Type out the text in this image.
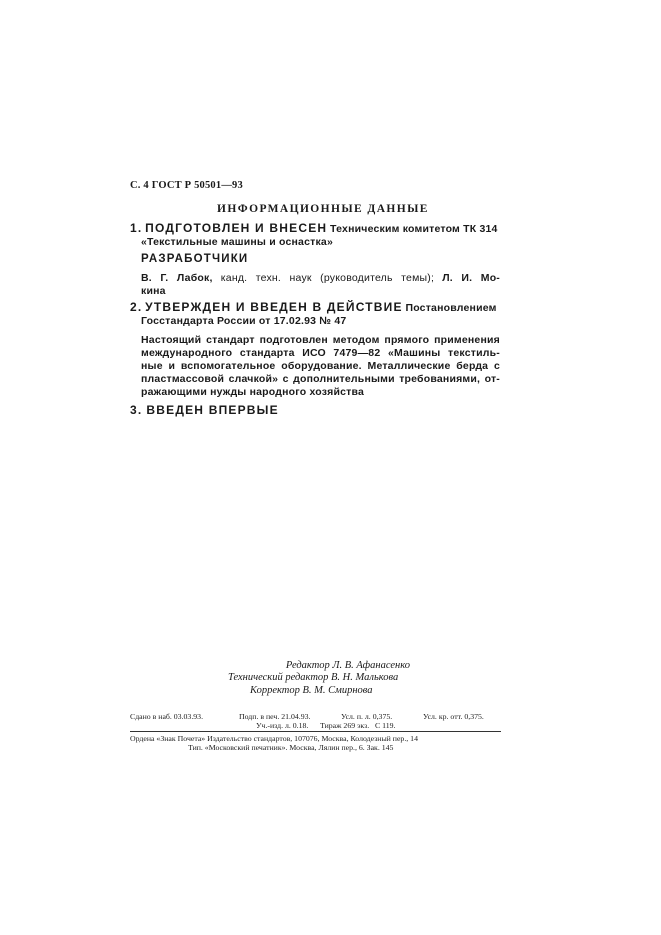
С. 4 ГОСТ Р 50501—93
ИНФОРМАЦИОННЫЕ ДАННЫЕ
1. ПОДГОТОВЛЕН И ВНЕСЕН Техническим комитетом ТК 314
«Текстильные машины и оснастка»
РАЗРАБОТЧИКИ
В. Г. Лабок, канд. техн. наук (руководитель темы); Л. И. Мо-
кина
2. УТВЕРЖДЕН И ВВЕДЕН В ДЕЙСТВИЕ Постановлением
Госстандарта России от 17.02.93 № 47
Настоящий стандарт подготовлен методом прямого применения
международного стандарта ИСО 7479—82 «Машины текстиль-
ные и вспомогательное оборудование. Металлические берда с
пластмассовой слачкой» с дополнительными требованиями, от-
ражающими нужды народного хозяйства
3. ВВЕДЕН ВПЕРВЫЕ
Редактор Л. В. Афанасенко
Технический редактор В. Н. Малькова
Корректор В. М. Смирнова
Сдано в наб. 03.03.93.	Подп. в печ. 21.04.93.
Уч.-изд. л. 0.18.
Усл. п. л. 0,375.
Тираж 269 экз.
Усл. кр. отт. 0,375.
С 119.
Ордена «Знак Почета» Издательство стандартов, 107076, Москва, Колодезный пер., 14
Тип. «Московский печатник». Москва, Лялин пер., 6. Зак. 145
